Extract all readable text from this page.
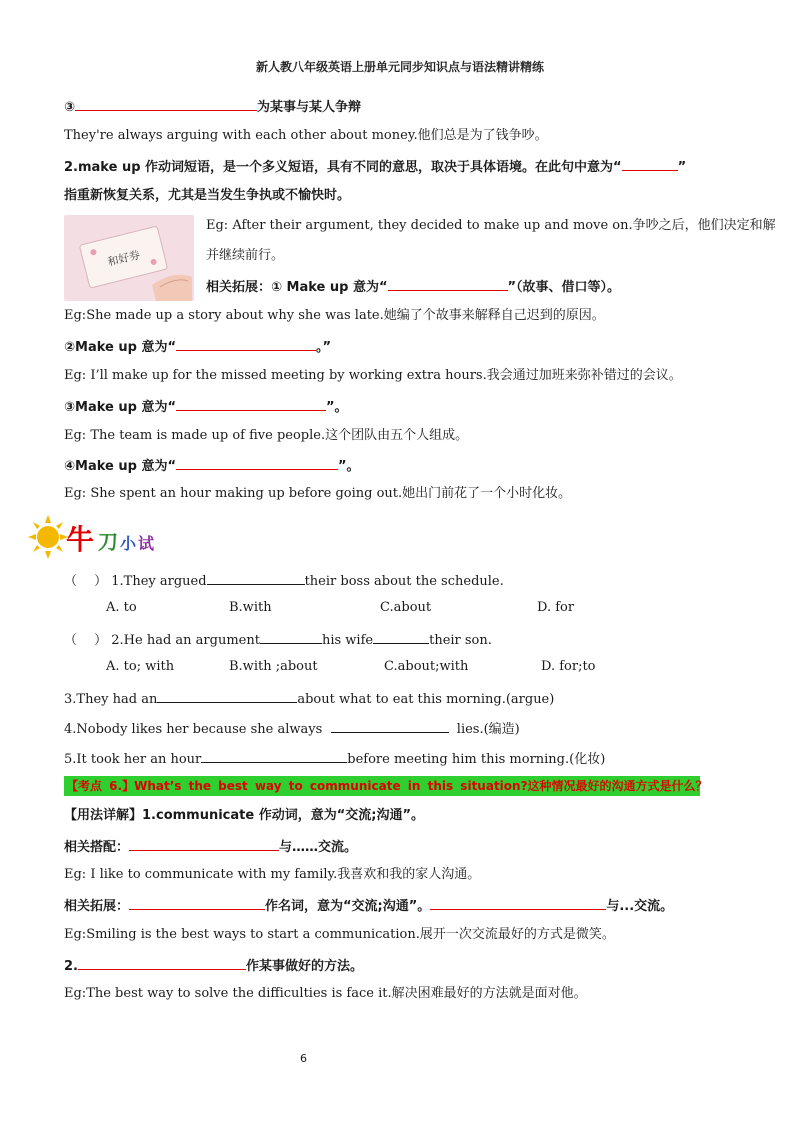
新人教八年级英语上册单元同步知识点与语法精讲精练
③	为某事与某人争辩
They're always arguing with each other about money.他们总是为了钱争吵。
2.make up 作动词短语，是一个多义短语，具有不同的意思，取决于具体语境。在此句中意为“	”
指重新恢复关系，尤其是当发生争执或不愉快时。
和好券
Eg: After their argument, they decided to make up and move on.争吵之后，他们决定和解
并继续前行。
相关拓展：① Make up 意为“	”（故事、借口等）。
Eg:She made up a story about why she was late.她编了个故事来解释自己迟到的原因。
②Make up 意为“	。”
Eg: I’ll make up for the missed meeting by working extra hours.我会通过加班来弥补错过的会议。
③Make up 意为“	”。
Eg: The team is made up of five people.这个团队由五个人组成。
④Make up 意为“	”。
Eg: She spent an hour making up before going out.她出门前花了一个小时化妆。
牛 刀 小 试
（　 ） 1.They argued	their boss about the schedule.
A. to	B.with	C.about	D. for
（　 ） 2.He had an argument	his wife	their son.
A. to; with	B.with ;about	C.about;with	D. for;to
3.They had an	about what to eat this morning.(argue)
4.Nobody likes her because she always	lies.(编造)
5.It took her an hour	before meeting him this morning.(化妆)
【考点 6.】What’s the best way to communicate in this situation?这种情况最好的沟通方式是什么？
【用法详解】1.communicate 作动词，意为“交流;沟通”。
相关搭配：	与……交流。
Eg: I like to communicate with my family.我喜欢和我的家人沟通。
相关拓展：	作名词，意为“交流;沟通”。	与...交流。
Eg:Smiling is the best ways to start a communication.展开一次交流最好的方式是微笑。
2.	作某事做好的方法。
Eg:The best way to solve the difficulties is face it.解决困难最好的方法就是面对他。
6
